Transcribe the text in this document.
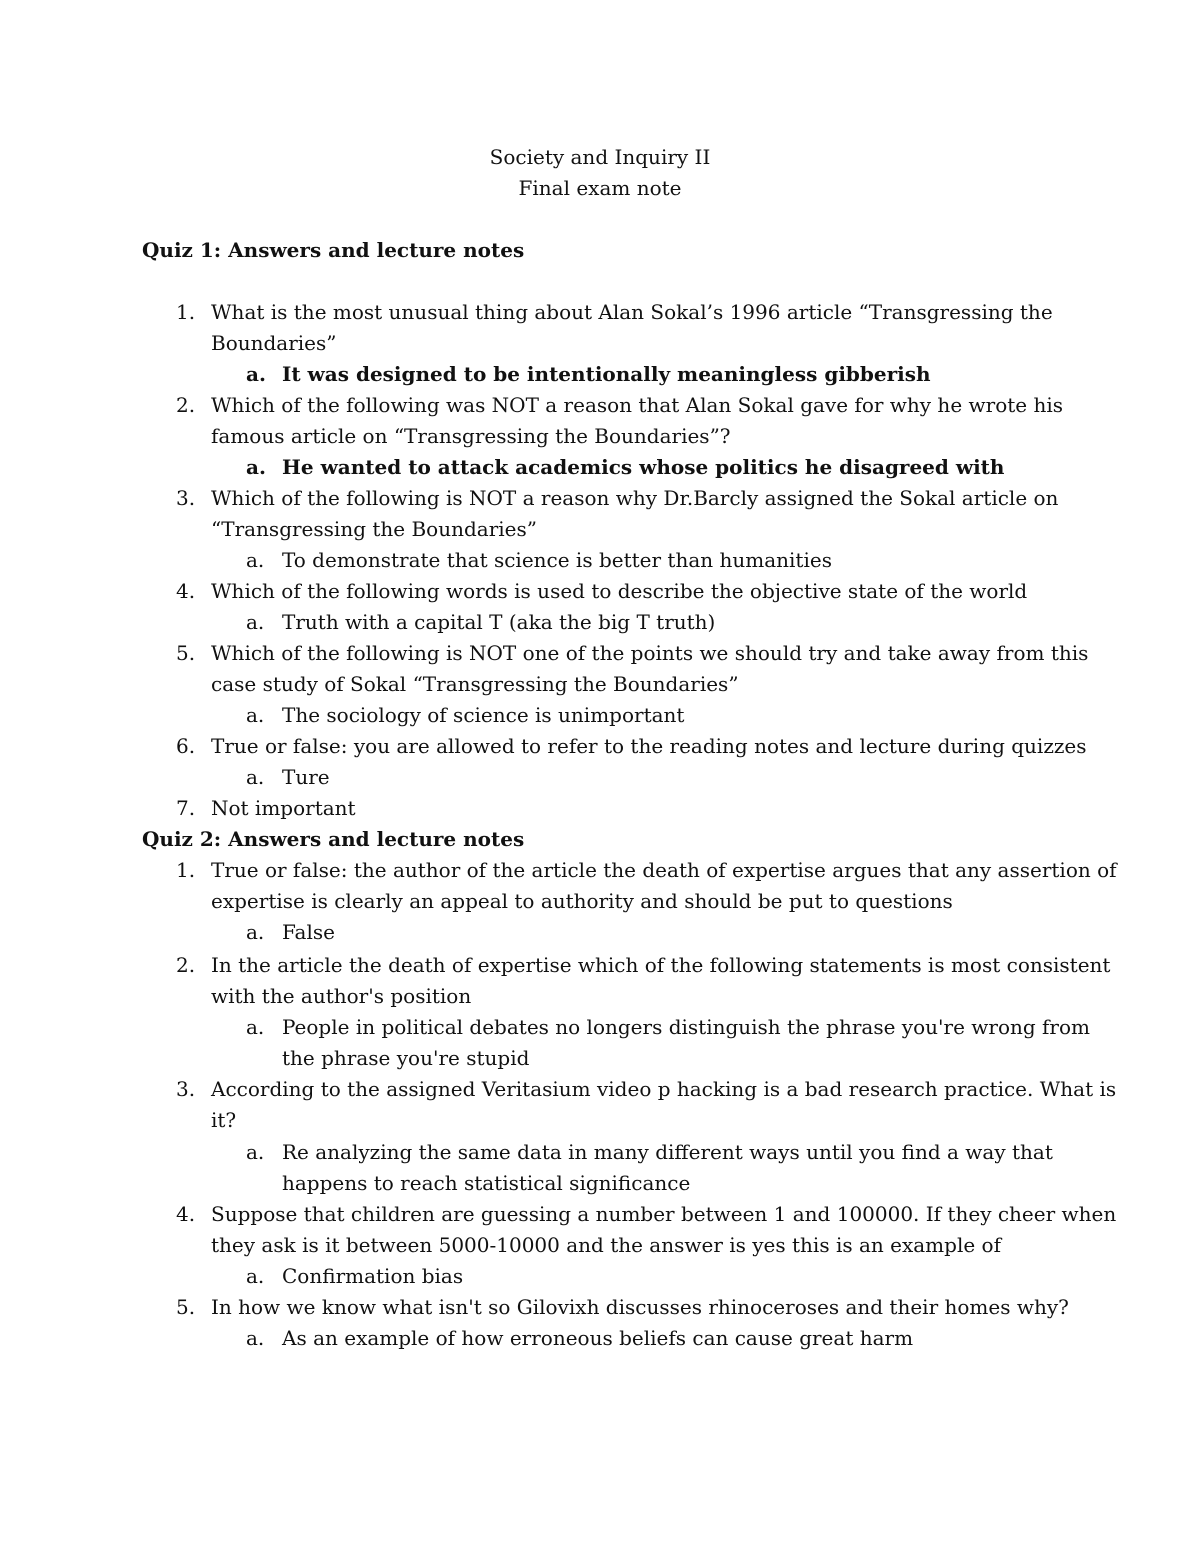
Society and Inquiry II
Final exam note
Quiz 1: Answers and lecture notes
1. What is the most unusual thing about Alan Sokal’s 1996 article “Transgressing the
Boundaries”
a. It was designed to be intentionally meaningless gibberish
2. Which of the following was NOT a reason that Alan Sokal gave for why he wrote his
famous article on “Transgressing the Boundaries”?
a. He wanted to attack academics whose politics he disagreed with
3. Which of the following is NOT a reason why Dr.Barcly assigned the Sokal article on
“Transgressing the Boundaries”
a. To demonstrate that science is better than humanities
4. Which of the following words is used to describe the objective state of the world
a. Truth with a capital T (aka the big T truth)
5. Which of the following is NOT one of the points we should try and take away from this
case study of Sokal “Transgressing the Boundaries”
a. The sociology of science is unimportant
6. True or false: you are allowed to refer to the reading notes and lecture during quizzes
a. Ture
7. Not important
Quiz 2: Answers and lecture notes
1. True or false: the author of the article the death of expertise argues that any assertion of
expertise is clearly an appeal to authority and should be put to questions
a. False
2. In the article the death of expertise which of the following statements is most consistent
with the author's position
a. People in political debates no longers distinguish the phrase you're wrong from
the phrase you're stupid
3. According to the assigned Veritasium video p hacking is a bad research practice. What is
it?
a. Re analyzing the same data in many different ways until you find a way that
happens to reach statistical significance
4. Suppose that children are guessing a number between 1 and 100000. If they cheer when
they ask is it between 5000-10000 and the answer is yes this is an example of
a. Confirmation bias
5. In how we know what isn't so Gilovixh discusses rhinoceroses and their homes why?
a. As an example of how erroneous beliefs can cause great harm
